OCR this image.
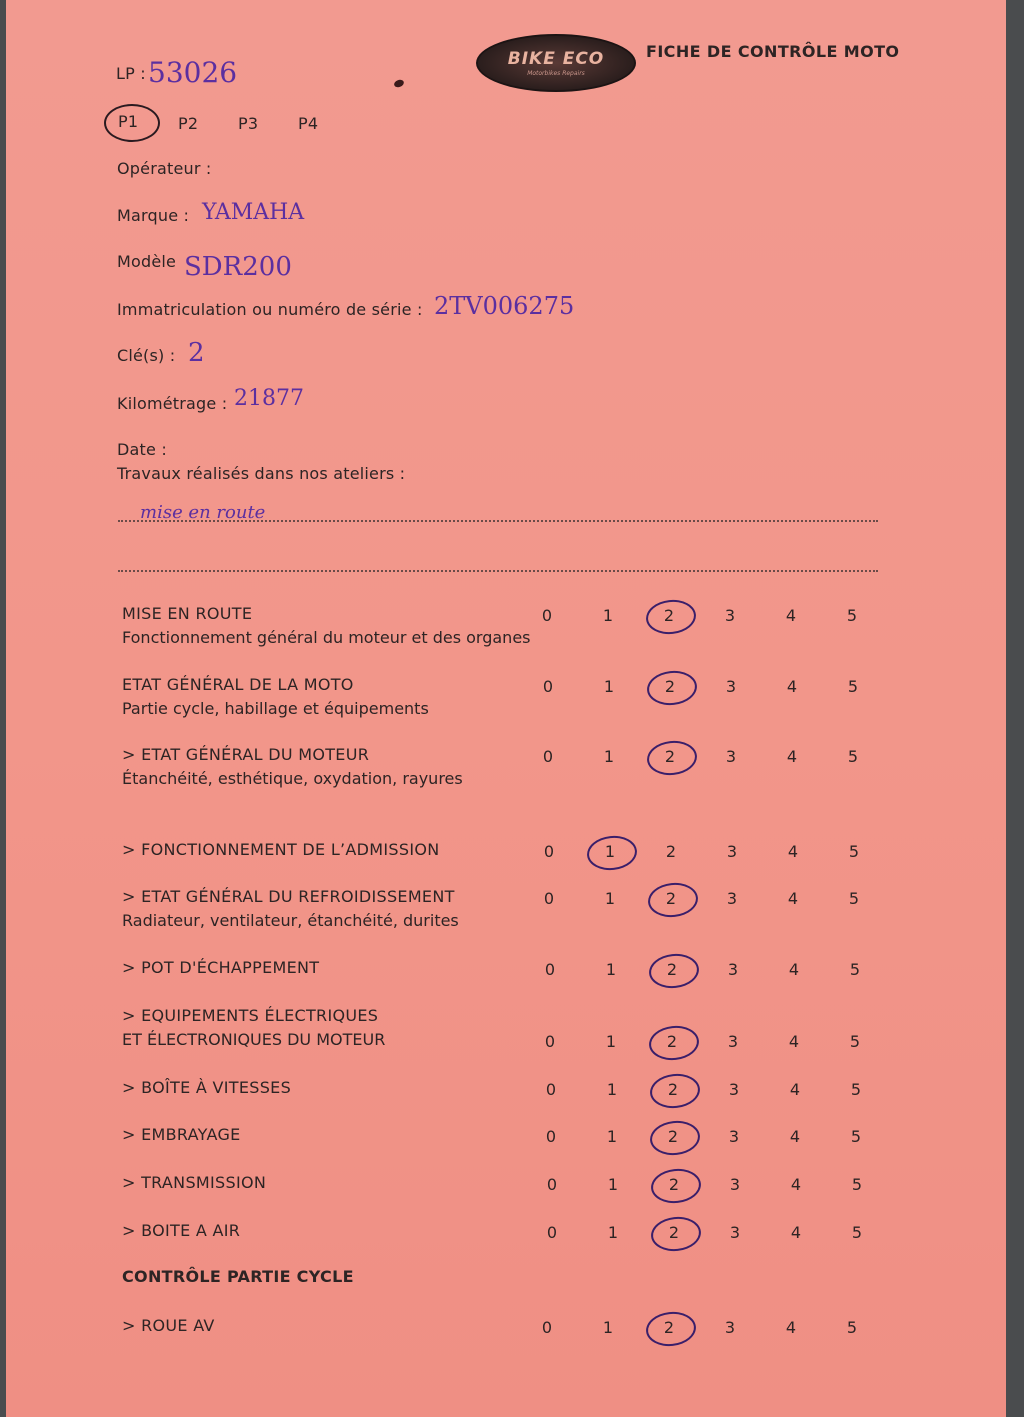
LP : 53026	BIKE ECO
Motorbikes Repairs
FICHE DE CONTRÔLE MOTO
P1 P2 P3 P4
Opérateur :
Marque : YAMAHA
Modèle SDR200
Immatriculation ou numéro de série : 2TV006275
Clé(s) : 2
Kilométrage : 21877
Date :
Travaux réalisés dans nos ateliers :
mise en route
MISE EN ROUTE
Fonctionnement général du moteur et des organes
0	1	2	3	4	5
ETAT GÉNÉRAL DE LA MOTO
Partie cycle, habillage et équipements
0	1	2	3	4	5
> ETAT GÉNÉRAL DU MOTEUR
Étanchéité, esthétique, oxydation, rayures
0	1	2	3	4	5
> FONCTIONNEMENT DE L’ADMISSION	0	1	2	3	4	5
> ETAT GÉNÉRAL DU REFROIDISSEMENT
Radiateur, ventilateur, étanchéité, durites
0	1	2	3	4	5
> POT D'ÉCHAPPEMENT	0	1	2	3	4	5
> EQUIPEMENTS ÉLECTRIQUES
ET ÉLECTRONIQUES DU MOTEUR	0	1	2	3	4	5
> BOÎTE À VITESSES	0	1	2	3	4	5
> EMBRAYAGE	0	1	2	3	4	5
> TRANSMISSION	0	1	2	3	4	5
> BOITE A AIR	0	1	2	3	4	5
CONTRÔLE PARTIE CYCLE
> ROUE AV	0	1	2	3	4	5
